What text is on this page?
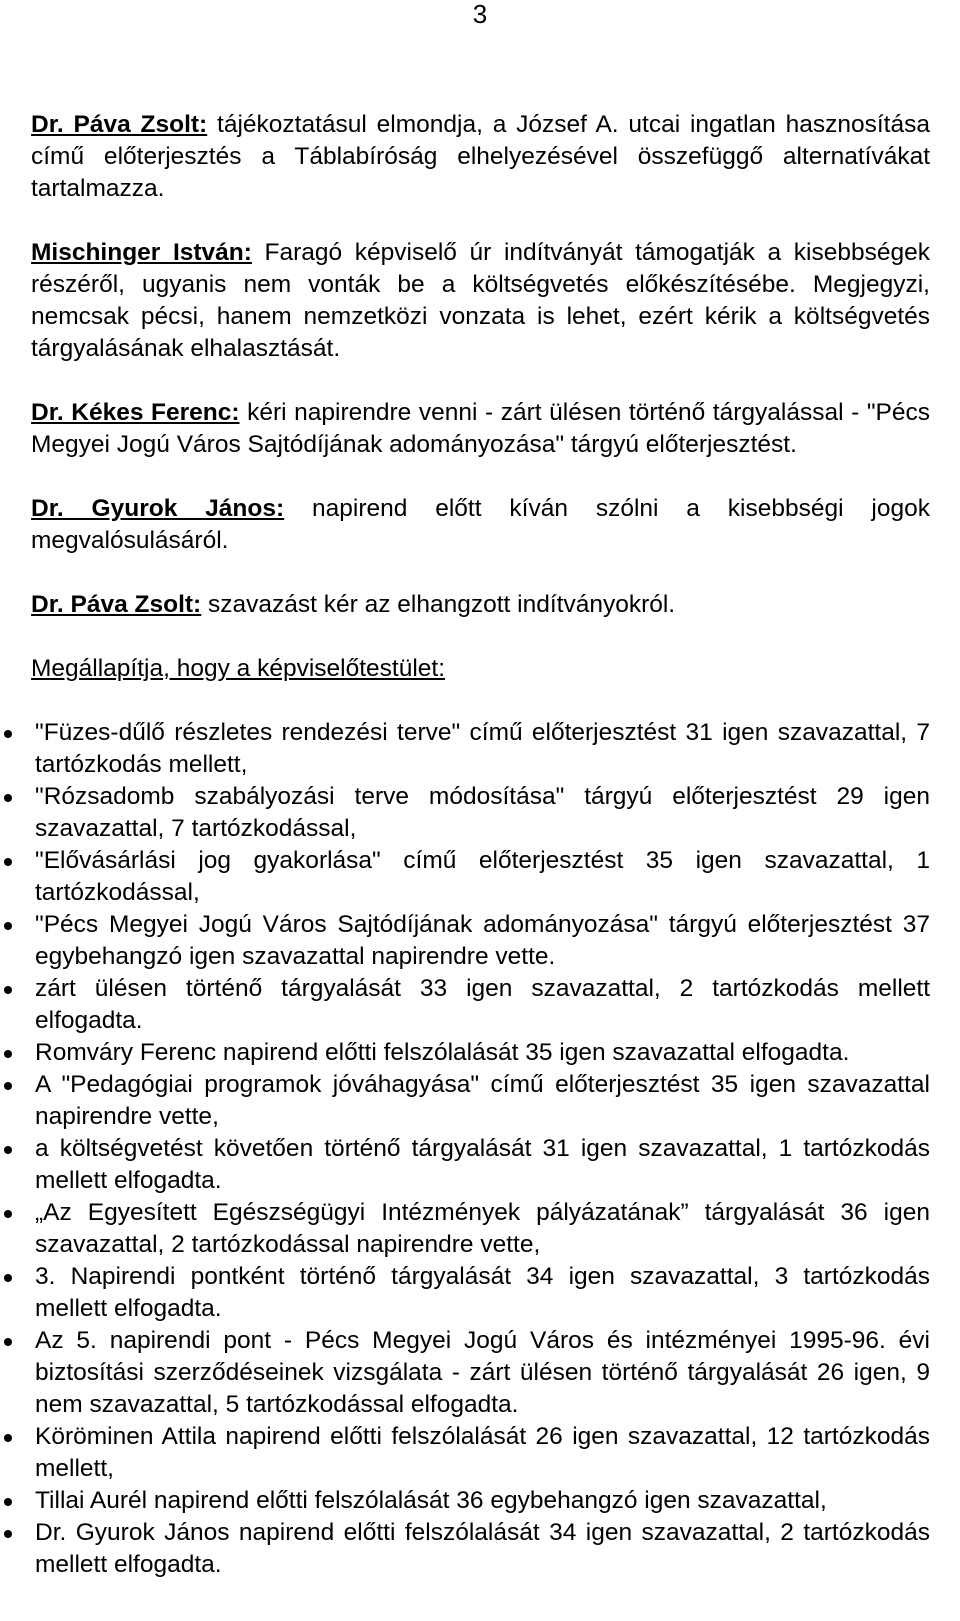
3

Dr. Páva Zsolt: tájékoztatásul elmondja, a József A. utcai ingatlan hasznosítása című előterjesztés a Táblabíróság elhelyezésével összefüggő alternatívákat tartalmazza.

Mischinger István: Faragó képviselő úr indítványát támogatják a kisebbségek részéről, ugyanis nem vonták be a költségvetés előkészítésébe. Megjegyzi, nemcsak pécsi, hanem nemzetközi vonzata is lehet, ezért kérik a költségvetés tárgyalásának elhalasztását.

Dr. Kékes Ferenc: kéri napirendre venni - zárt ülésen történő tárgyalással - "Pécs Megyei Jogú Város Sajtódíjának adományozása" tárgyú előterjesztést.

Dr. Gyurok János: napirend előtt kíván szólni a kisebbségi jogok megvalósulásáról.

Dr. Páva Zsolt: szavazást kér az elhangzott indítványokról.

Megállapítja, hogy a képviselőtestület:

"Füzes-dűlő részletes rendezési terve" című előterjesztést 31 igen szavazattal, 7 tartózkodás mellett,
"Rózsadomb szabályozási terve módosítása" tárgyú előterjesztést 29 igen szavazattal, 7 tartózkodással,
"Elővásárlási jog gyakorlása" című előterjesztést 35 igen szavazattal, 1 tartózkodással,
"Pécs Megyei Jogú Város Sajtódíjának adományozása" tárgyú előterjesztést 37 egybehangzó igen szavazattal napirendre vette.
zárt ülésen történő tárgyalását 33 igen szavazattal, 2 tartózkodás mellett elfogadta.
Romváry Ferenc napirend előtti felszólalását 35 igen szavazattal elfogadta.
A "Pedagógiai programok jóváhagyása" című előterjesztést 35 igen szavazattal napirendre vette,
a költségvetést követően történő tárgyalását 31 igen szavazattal, 1 tartózkodás mellett elfogadta.
„Az Egyesített Egészségügyi Intézmények pályázatának” tárgyalását 36 igen szavazattal, 2 tartózkodással napirendre vette,
3. Napirendi pontként történő tárgyalását 34 igen szavazattal, 3 tartózkodás mellett elfogadta.
Az 5. napirendi pont - Pécs Megyei Jogú Város és intézményei 1995-96. évi biztosítási szerződéseinek vizsgálata - zárt ülésen történő tárgyalását 26 igen, 9 nem szavazattal, 5 tartózkodással elfogadta.
Köröminen Attila napirend előtti felszólalását 26 igen szavazattal, 12 tartózkodás mellett,
Tillai Aurél napirend előtti felszólalását 36 egybehangzó igen szavazattal,
Dr. Gyurok János napirend előtti felszólalását 34 igen szavazattal, 2 tartózkodás mellett elfogadta.
